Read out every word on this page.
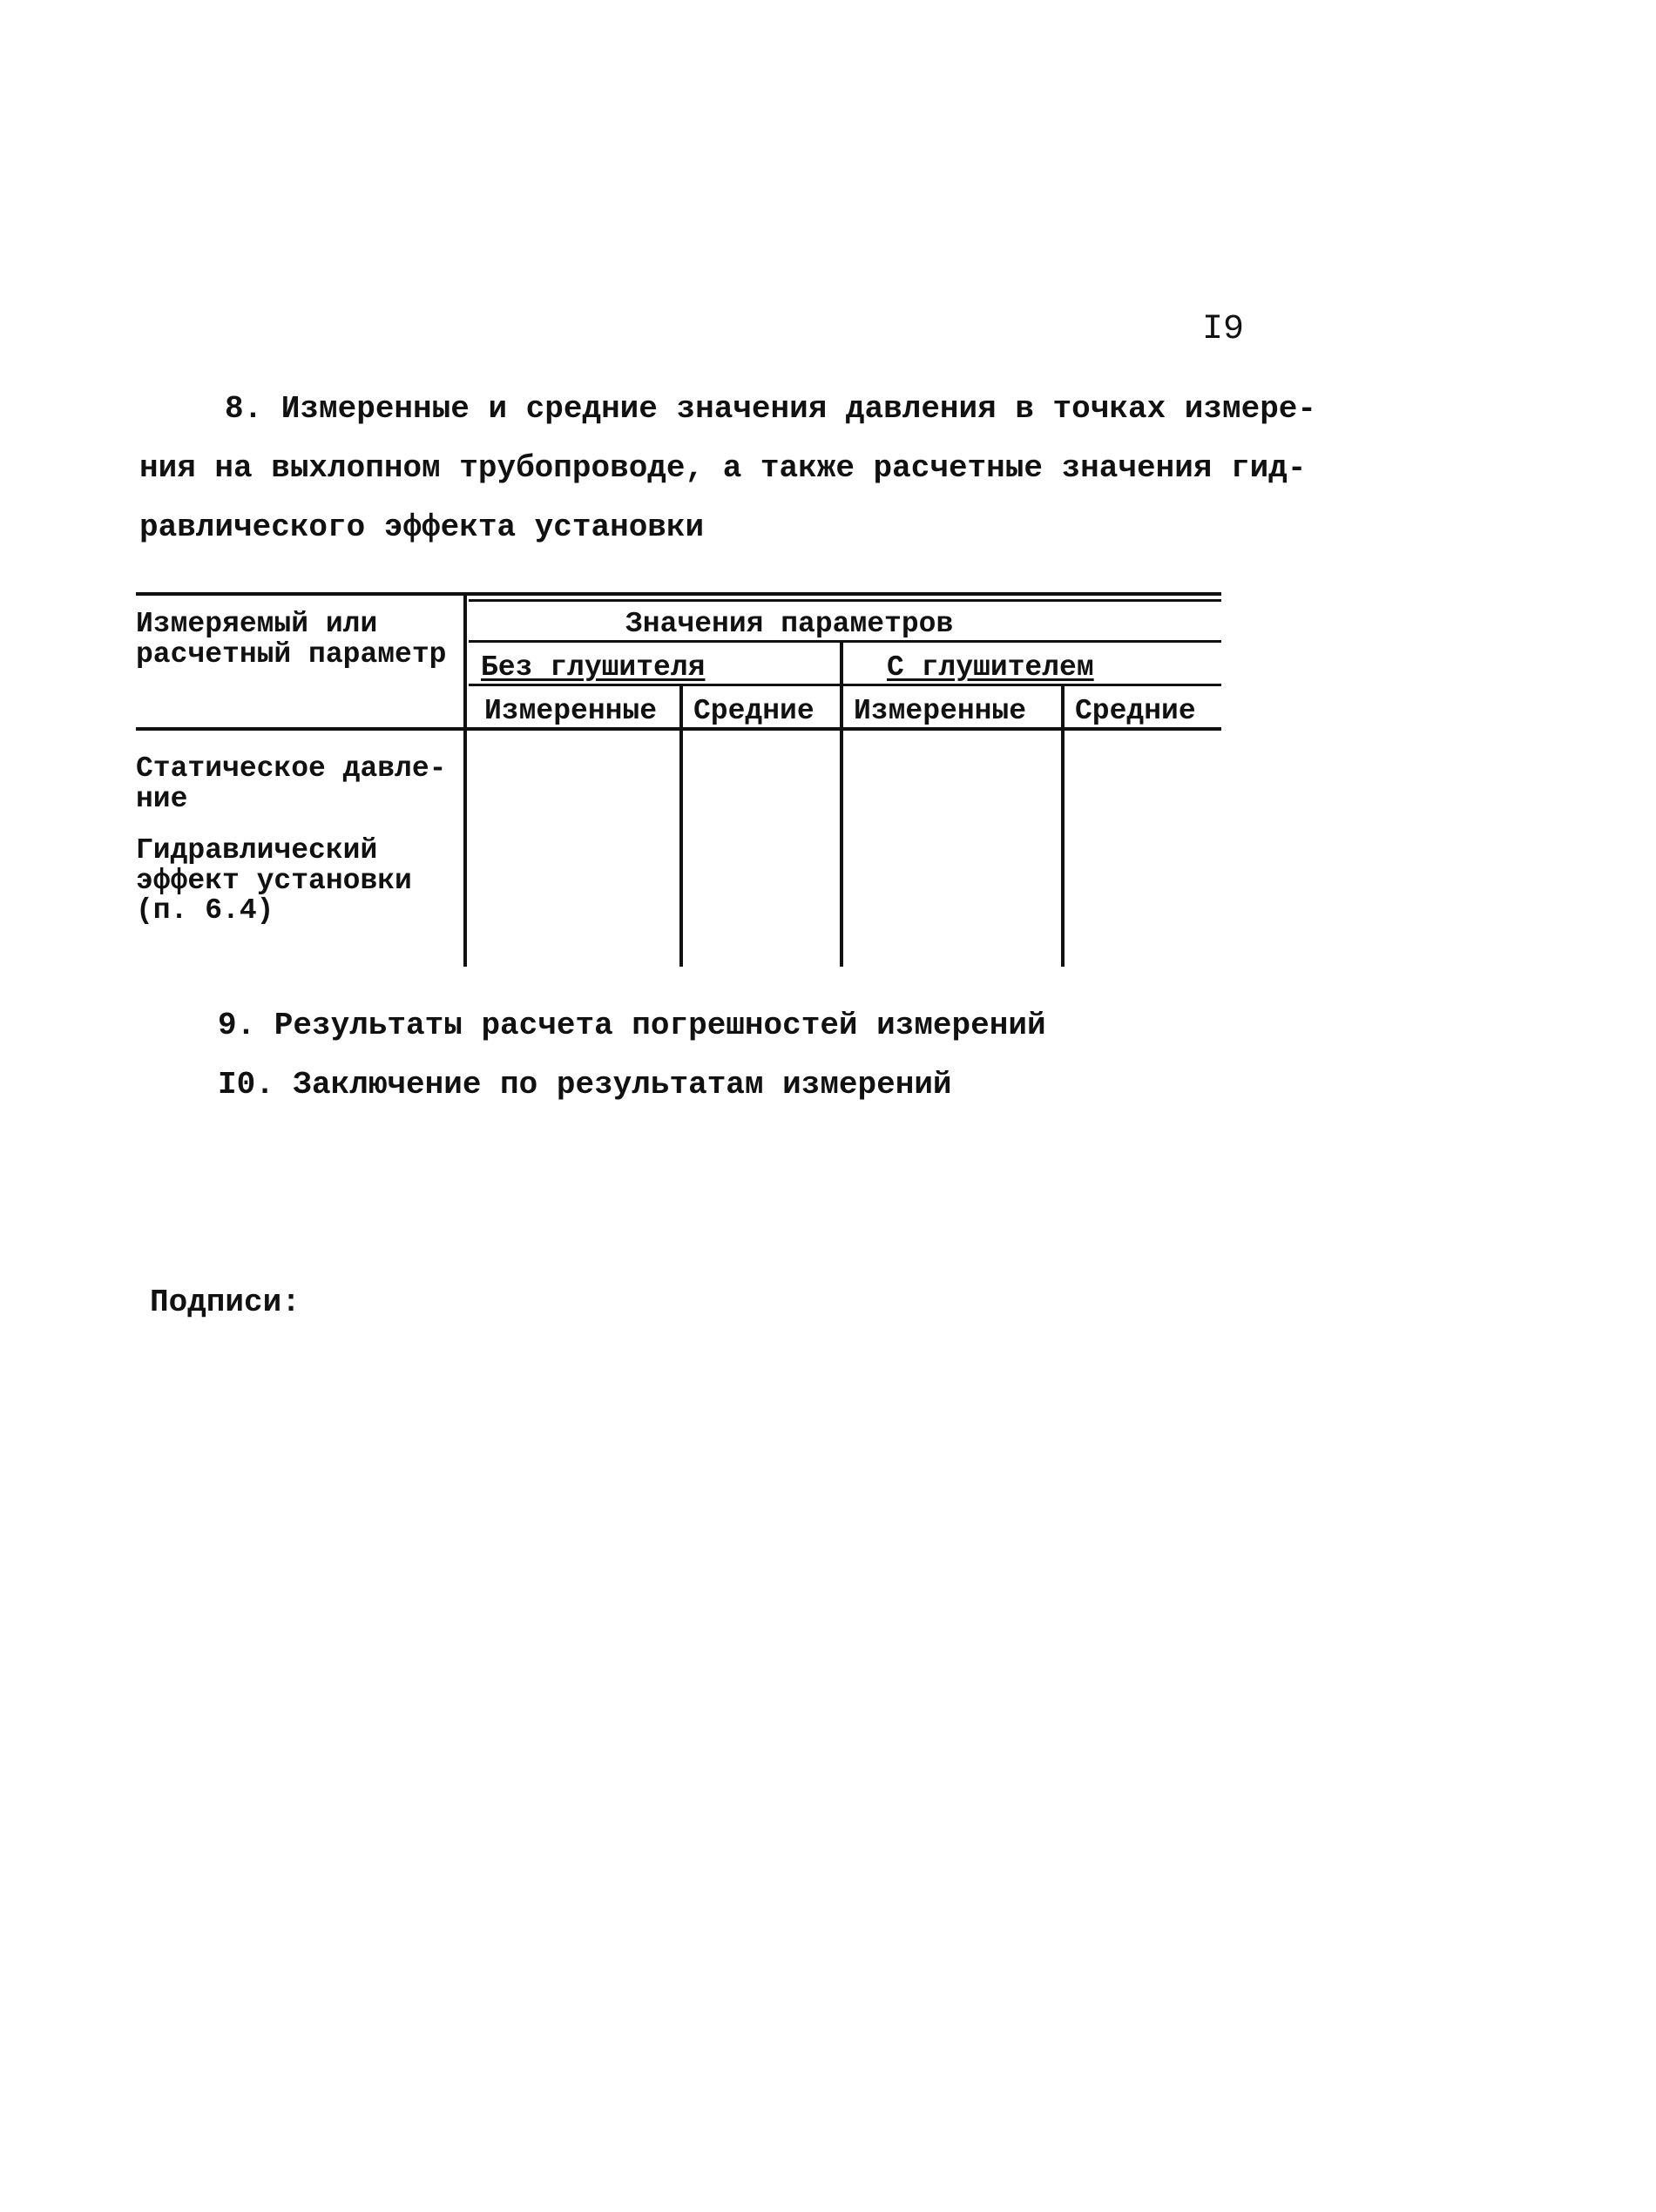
I9
8. Измеренные и средние значения давления в точках измере-
ния на выхлопном трубопроводе, а также расчетные значения гид-
равлического эффекта установки
Измеряемый или
расчетный параметр
Значения параметров
Без глушителя	С глушителем
Измеренные Средние Измеренные Средние
Статическое давле-
ние
Гидравлический
эффект установки
(п. 6.4)
9. Результаты расчета погрешностей измерений
I0. Заключение по результатам измерений
Подписи:
